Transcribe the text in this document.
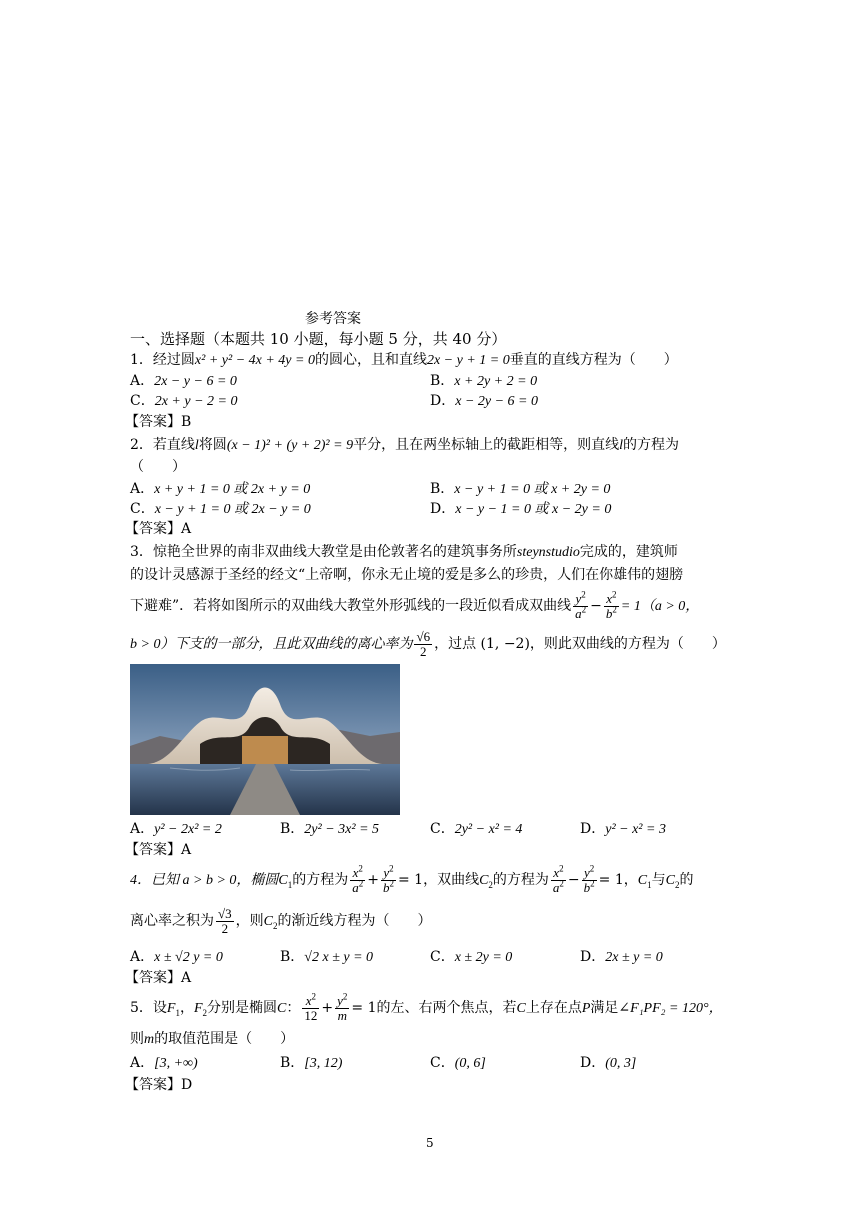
参考答案
一、选择题（本题共 10 小题，每小题 5 分，共 40 分）
1．经过圆x² + y² − 4x + 4y = 0的圆心，且和直线2x − y + 1 = 0垂直的直线方程为（　　）
A．2x − y − 6 = 0	B．x + 2y + 2 = 0
C．2x + y − 2 = 0	D．x − 2y − 6 = 0
【答案】B
2．若直线l将圆(x − 1)² + (y + 2)² = 9平分，且在两坐标轴上的截距相等，则直线l的方程为
（　　）
A．x + y + 1 = 0 或 2x + y = 0	B．x − y + 1 = 0 或 x + 2y = 0
C．x − y + 1 = 0 或 2x − y = 0	D．x − y − 1 = 0 或 x − 2y = 0
【答案】A
3．惊艳全世界的南非双曲线大教堂是由伦敦著名的建筑事务所steynstudio完成的，建筑师
的设计灵感源于圣经的经文“上帝啊，你永无止境的爱是多么的珍贵，人们在你雄伟的翅膀
下避难”．若将如图所示的双曲线大教堂外形弧线的一段近似看成双曲线 $\frac{y^2}{a^2} - \frac{x^2}{b^2} = 1(a > 0$，
b > 0）下支的一部分，且此双曲线的离心率为 $\frac{√6}{2}$ ，过点 (1, −2)，则此双曲线的方程为（　　）
A．y² − 2x² = 2	B．2y² − 3x² = 5	C．2y² − x² = 4	D．y² − x² = 3
【答案】A
4．已知 a > b > 0，椭圆$C_1$的方程为 $\frac{x^2}{a^2} + \frac{y^2}{b^2} = 1$，双曲线$C_2$的方程为 $\frac{x^2}{a^2} - \frac{y^2}{b^2} = 1$，$C_1$与$C_2$的
离心率之积为 $\frac{√3}{2}$ ，则$C_2$的渐近线方程为（　　）
A．x ± √2 y = 0	B．√2 x ± y = 0	C．x ± 2y = 0	D．2x ± y = 0
【答案】A
5．设$F_1$，$F_2$分别是椭圆C： $\frac{x^2}{12} + \frac{y^2}{m} = 1$的左、右两个焦点，若C上存在点P满足∠F₁PF₂ = 120°，
则m的取值范围是（　　）
A．[3, +∞)	B．[3, 12)	C．(0, 6]	D．(0, 3]
【答案】D
5
